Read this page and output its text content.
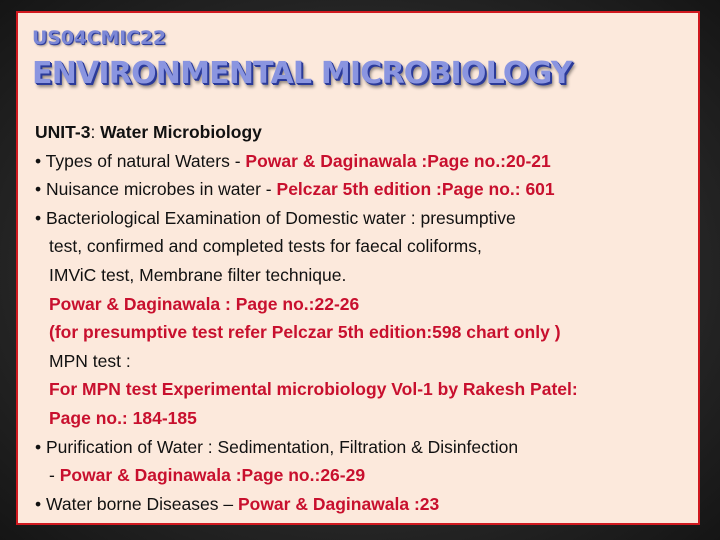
US04CMIC22
ENVIRONMENTAL MICROBIOLOGY
UNIT-3: Water Microbiology
• Types of natural Waters - Powar & Daginawala :Page no.:20-21
• Nuisance microbes in water - Pelczar 5th edition :Page no.: 601
• Bacteriological Examination of Domestic water : presumptive
test, confirmed and completed tests for faecal coliforms,
IMViC test, Membrane filter technique.
Powar & Daginawala : Page no.:22-26
(for presumptive test refer Pelczar 5th edition:598 chart only )
MPN test :
For MPN test Experimental microbiology Vol-1 by Rakesh Patel:
Page no.: 184-185
• Purification of Water : Sedimentation, Filtration & Disinfection
- Powar & Daginawala :Page no.:26-29
• Water borne Diseases – Powar & Daginawala :23
